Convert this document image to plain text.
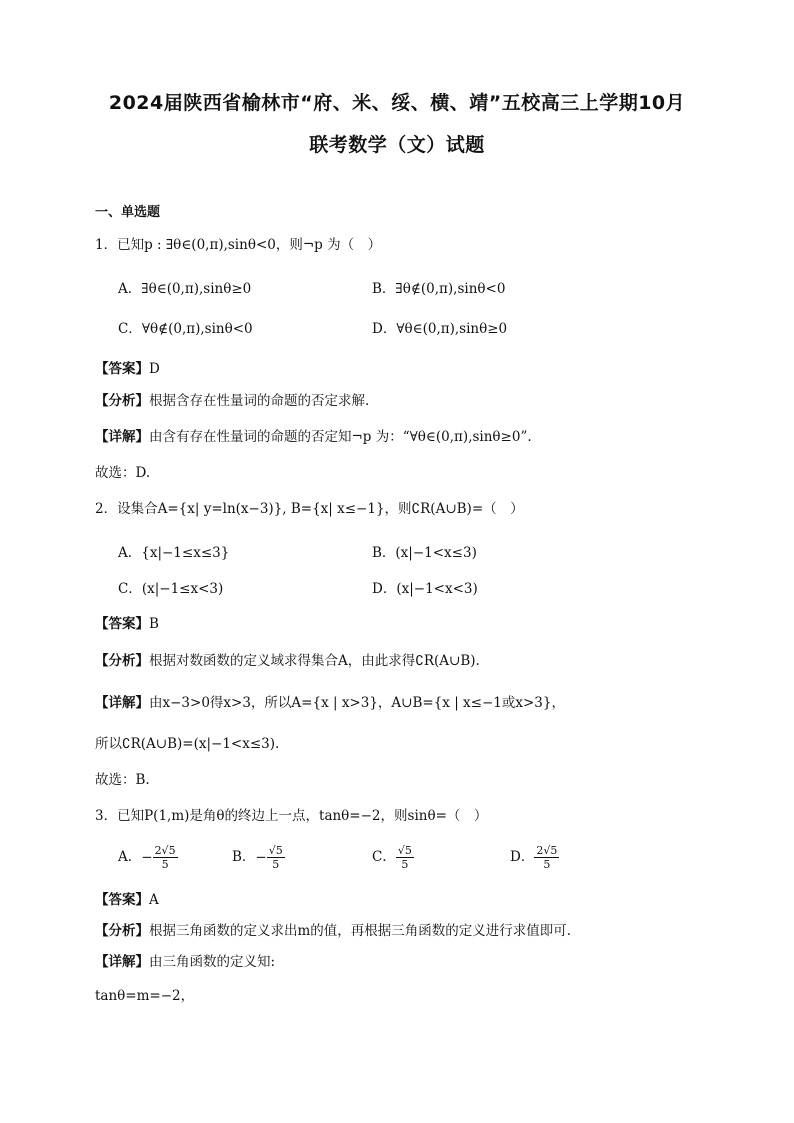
2024届陕西省榆林市“府、米、绥、横、靖”五校高三上学期10月
联考数学（文）试题
一、单选题
1．已知p : ∃θ∈(0,π),sinθ<0，则¬p 为（　）
A．∃θ∈(0,π),sinθ≥0	B．∃θ∉(0,π),sinθ<0
C．∀θ∉(0,π),sinθ<0	D．∀θ∈(0,π),sinθ≥0
【答案】D
【分析】根据含存在性量词的命题的否定求解.
【详解】由含有存在性量词的命题的否定知¬p 为：“∀θ∈(0,π),sinθ≥0”.
故选：D.
2．设集合A={x| y=ln(x−3)}, B={x| x≤−1}，则∁R(A∪B)=（　）
A．{x|−1≤x≤3}	B．(x|−1<x≤3)
C．(x|−1≤x<3)	D．(x|−1<x<3)
【答案】B
【分析】根据对数函数的定义域求得集合A，由此求得∁R(A∪B).
【详解】由x−3>0得x>3，所以A={x | x>3}，A∪B={x | x≤−1或x>3}，
所以∁R(A∪B)=(x|−1<x≤3).
故选：B.
3．已知P(1,m)是角θ的终边上一点，tanθ=−2，则sinθ=（　）
A．− $\frac{2√5}{5}$	B．− $\frac{√5}{5}$	C． $\frac{√5}{5}$	D． $\frac{2√5}{5}$
【答案】A
【分析】根据三角函数的定义求出m的值，再根据三角函数的定义进行求值即可.
【详解】由三角函数的定义知:
tanθ=m=−2，
